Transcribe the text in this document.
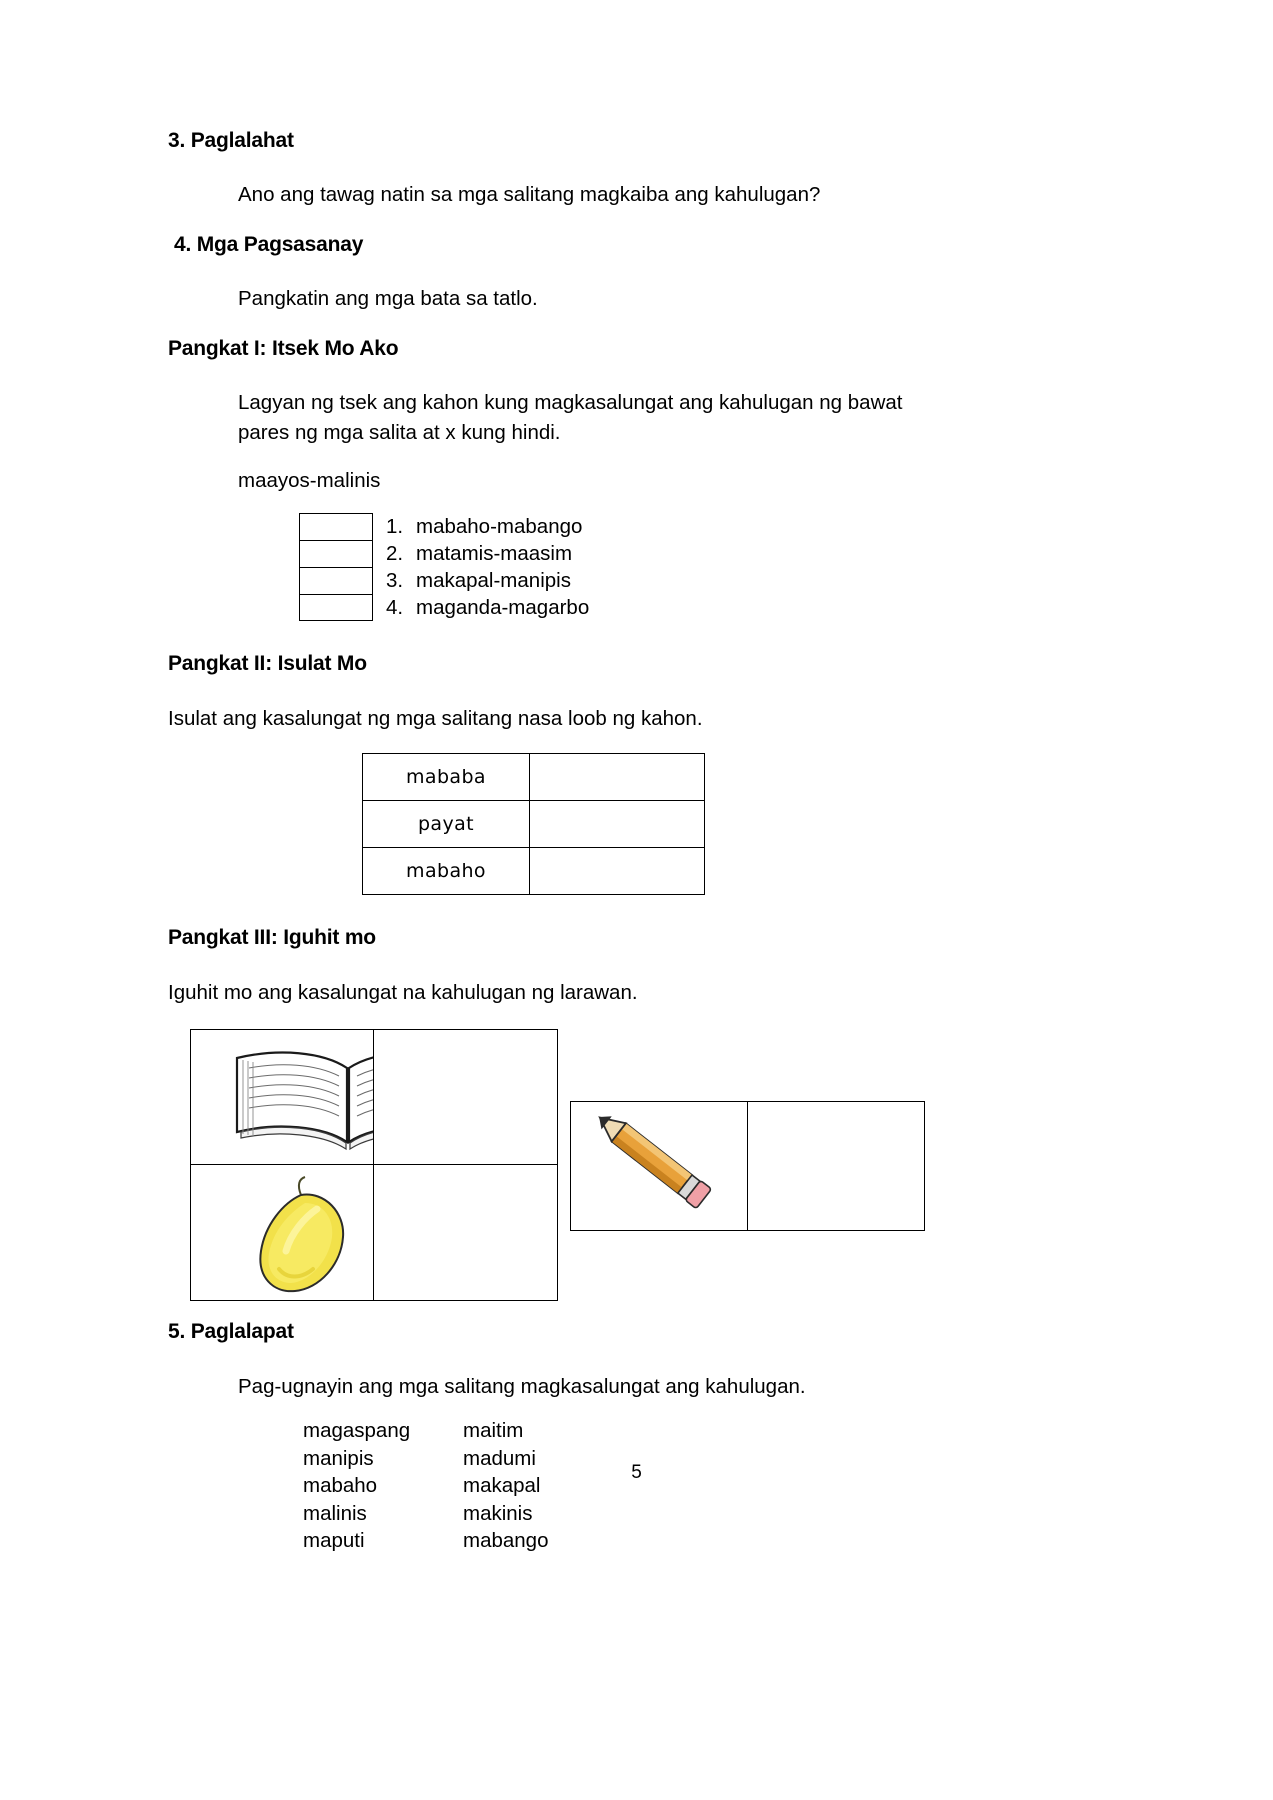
3. Paglalahat
Ano ang tawag natin sa mga salitang magkaiba ang kahulugan?
4. Mga Pagsasanay
Pangkatin ang mga bata sa tatlo.
Pangkat I: Itsek Mo Ako
Lagyan ng tsek ang kahon kung magkasalungat ang kahulugan ng bawat
pares ng mga salita at x kung hindi.
maayos-malinis
1. mabaho-mabango
2. matamis-maasim
3. makapal-manipis
4. maganda-magarbo
Pangkat II: Isulat Mo
Isulat ang kasalungat ng mga salitang nasa loob ng kahon.
mababa	
payat	
mabaho	
Pangkat III: Iguhit mo
Iguhit mo ang kasalungat na kahulugan ng larawan.
5. Paglalapat
Pag-ugnayin ang mga salitang magkasalungat ang kahulugan.
magaspang	maitim
manipis	madumi
mabaho	makapal
malinis	makinis
maputi	mabango
5
